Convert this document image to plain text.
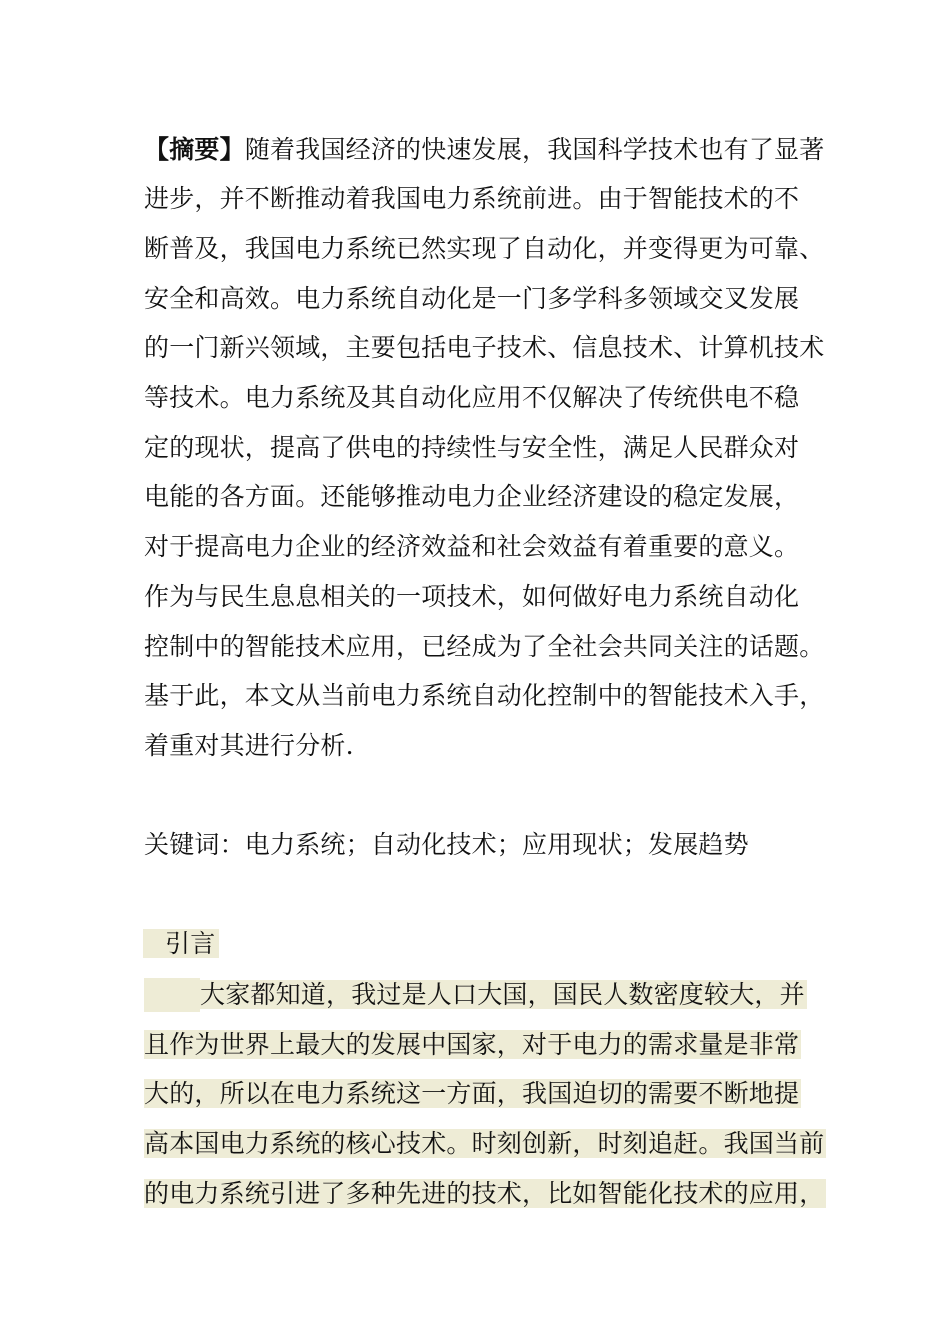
【摘要】随着我国经济的快速发展，我国科学技术也有了显著
进步，并不断推动着我国电力系统前进。由于智能技术的不
断普及，我国电力系统已然实现了自动化，并变得更为可靠、
安全和高效。电力系统自动化是一门多学科多领域交叉发展
的一门新兴领域，主要包括电子技术、信息技术、计算机技术
等技术。电力系统及其自动化应用不仅解决了传统供电不稳
定的现状，提高了供电的持续性与安全性，满足人民群众对
电能的各方面。还能够推动电力企业经济建设的稳定发展，
对于提高电力企业的经济效益和社会效益有着重要的意义。
作为与民生息息相关的一项技术，如何做好电力系统自动化
控制中的智能技术应用，已经成为了全社会共同关注的话题。
基于此，本文从当前电力系统自动化控制中的智能技术入手，
着重对其进行分析.
关键词：电力系统；自动化技术；应用现状；发展趋势
引言
大家都知道，我过是人口大国，国民人数密度较大，并
且作为世界上最大的发展中国家，对于电力的需求量是非常
大的，所以在电力系统这一方面，我国迫切的需要不断地提
高本国电力系统的核心技术。时刻创新，时刻追赶。我国当前
的电力系统引进了多种先进的技术，比如智能化技术的应用，
